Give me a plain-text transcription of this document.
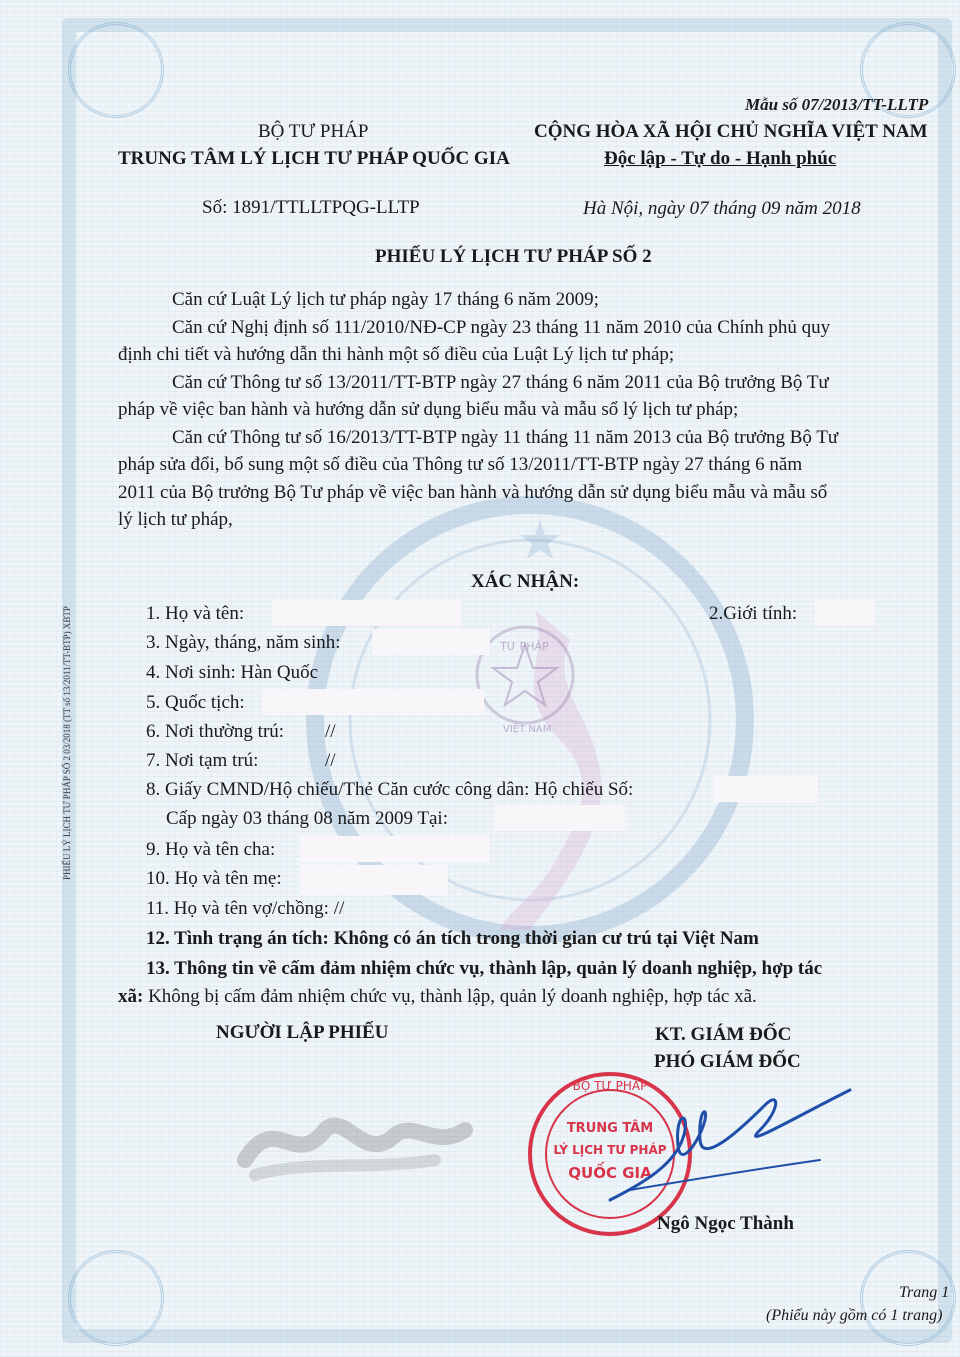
TƯ PHÁP
VIỆT NAM
PHIẾU LÝ LỊCH TƯ PHÁP SỐ 2 03/2018 (TT số 13/2011/TT-BTP) XBTP
Mẫu số 07/2013/TT-LLTP
BỘ TƯ PHÁP
TRUNG TÂM LÝ LỊCH TƯ PHÁP QUỐC GIA
CỘNG HÒA XÃ HỘI CHỦ NGHĨA VIỆT NAM
Độc lập - Tự do - Hạnh phúc
Số: 1891/TTLLTPQG-LLTP	Hà Nội, ngày 07 tháng 09 năm 2018
PHIẾU LÝ LỊCH TƯ PHÁP SỐ 2
Căn cứ Luật Lý lịch tư pháp ngày 17 tháng 6 năm 2009;
Căn cứ Nghị định số 111/2010/NĐ-CP ngày 23 tháng 11 năm 2010 của Chính phủ quy
định chi tiết và hướng dẫn thi hành một số điều của Luật Lý lịch tư pháp;
Căn cứ Thông tư số 13/2011/TT-BTP ngày 27 tháng 6 năm 2011 của Bộ trưởng Bộ Tư
pháp về việc ban hành và hướng dẫn sử dụng biểu mẫu và mẫu sổ lý lịch tư pháp;
Căn cứ Thông tư số 16/2013/TT-BTP ngày 11 tháng 11 năm 2013 của Bộ trưởng Bộ Tư
pháp sửa đổi, bổ sung một số điều của Thông tư số 13/2011/TT-BTP ngày 27 tháng 6 năm
2011 của Bộ trưởng Bộ Tư pháp về việc ban hành và hướng dẫn sử dụng biểu mẫu và mẫu sổ
lý lịch tư pháp,
XÁC NHẬN:
1. Họ và tên:	2.Giới tính:
3. Ngày, tháng, năm sinh:
4. Nơi sinh: Hàn Quốc
5. Quốc tịch:
6. Nơi thường trú: //
7. Nơi tạm trú:	//
8. Giấy CMND/Hộ chiếu/Thẻ Căn cước công dân: Hộ chiếu Số:
Cấp ngày 03 tháng 08 năm 2009 Tại:
9. Họ và tên cha:
10. Họ và tên mẹ:
11. Họ và tên vợ/chồng: //
12. Tình trạng án tích: Không có án tích trong thời gian cư trú tại Việt Nam
13. Thông tin về cấm đảm nhiệm chức vụ, thành lập, quản lý doanh nghiệp, hợp tác
xã: Không bị cấm đảm nhiệm chức vụ, thành lập, quản lý doanh nghiệp, hợp tác xã.
NGƯỜI LẬP PHIẾU	KT. GIÁM ĐỐC
PHÓ GIÁM ĐỐC
BỘ TƯ PHÁP
TRUNG TÂM
LÝ LỊCH TƯ PHÁP
QUỐC GIA
Ngô Ngọc Thành
Trang 1
(Phiếu này gồm có 1 trang)
